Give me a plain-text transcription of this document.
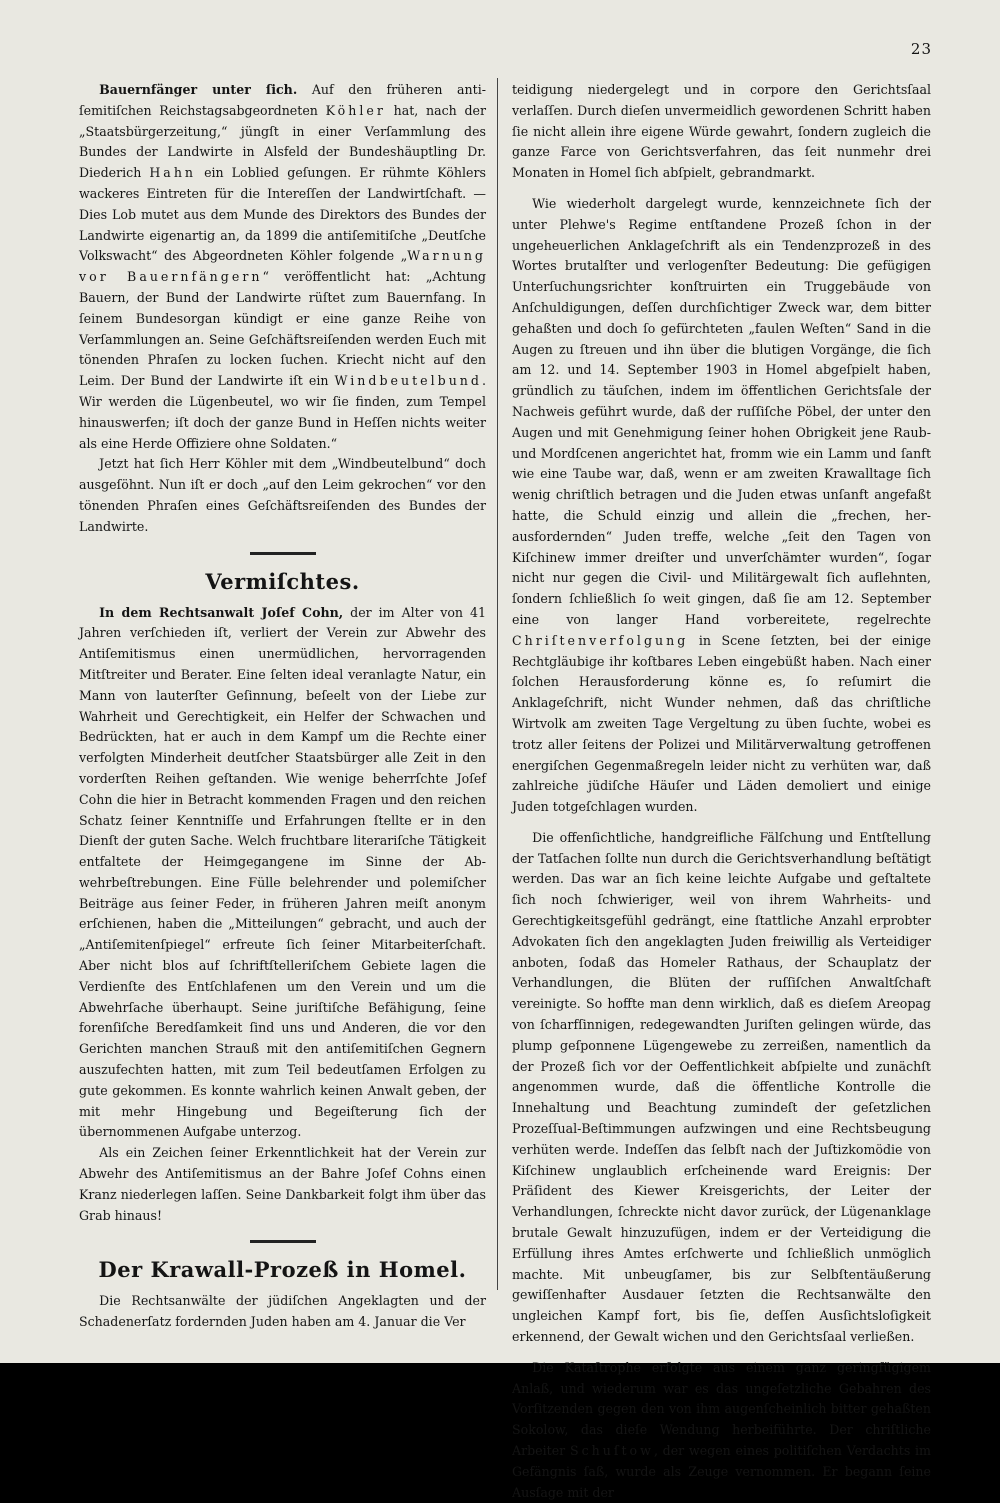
23

Bauernfänger unter ſich. Auf den früheren antiſemitiſchen Reichstagsabgeordneten Köhler hat, nach der „Staatsbürgerzeitung,“ jüngſt in einer Verſammlung des Bundes der Landwirte in Alsfeld der Bundeshäuptling Dr. Diederich Hahn ein Loblied geſungen. Er rühmte Köhlers wackeres Eintreten für die Intereſſen der Landwirtſchaft. — Dies Lob mutet aus dem Munde des Direktors des Bundes der Landwirte eigenartig an, da 1899 die antiſemitiſche „Deutſche Volkswacht“ des Abgeordneten Köhler folgende „Warnung vor Bauernfängern“ veröffentlicht hat: „Achtung Bauern, der Bund der Landwirte rüſtet zum Bauernfang. In ſeinem Bundesorgan kündigt er eine ganze Reihe von Verſammlungen an. Seine Geſchäftsreiſenden werden Euch mit tönenden Phraſen zu locken ſuchen. Kriecht nicht auf den Leim. Der Bund der Landwirte iſt ein Windbeutelbund. Wir werden die Lügenbeutel, wo wir ſie finden, zum Tempel hinauswerfen; iſt doch der ganze Bund in Heſſen nichts weiter als eine Herde Offiziere ohne Soldaten.“

Jetzt hat ſich Herr Köhler mit dem „Windbeutelbund“ doch ausgeſöhnt. Nun iſt er doch „auf den Leim gekrochen“ vor den tönenden Phraſen eines Geſchäftsreiſenden des Bundes der Landwirte.

Vermiſchtes.

In dem Rechtsanwalt Joſef Cohn, der im Alter von 41 Jahren verſchieden iſt, verliert der Verein zur Abwehr des Antiſemitismus einen unermüdlichen, hervorragenden Mitſtreiter und Berater. Eine ſelten ideal veranlagte Natur, ein Mann von lauterſter Geſinnung, beſeelt von der Liebe zur Wahrheit und Gerechtigkeit, ein Helfer der Schwachen und Bedrückten, hat er auch in dem Kampf um die Rechte einer verfolgten Minderheit deutſcher Staatsbürger alle Zeit in den vorderſten Reihen geſtanden. Wie wenige beherrſchte Joſef Cohn die hier in Betracht kommenden Fragen und den reichen Schatz ſeiner Kenntniſſe und Erfahrungen ſtellte er in den Dienſt der guten Sache. Welch fruchtbare literariſche Tätigkeit entfaltete der Heimgegangene im Sinne der Abwehrbeſtrebungen. Eine Fülle belehrender und polemiſcher Beiträge aus ſeiner Feder, in früheren Jahren meiſt anonym erſchienen, haben die „Mitteilungen“ gebracht, und auch der „Antiſemitenſpiegel“ erfreute ſich ſeiner Mitarbeiterſchaft. Aber nicht blos auf ſchriftſtelleriſchem Gebiete lagen die Verdienſte des Entſchlafenen um den Verein und um die Abwehrſache überhaupt. Seine juriſtiſche Befähigung, ſeine forenſiſche Beredſamkeit ſind uns und Anderen, die vor den Gerichten manchen Strauß mit den antiſemitiſchen Gegnern auszufechten hatten, mit zum Teil bedeutſamen Erfolgen zu gute gekommen. Es konnte wahrlich keinen Anwalt geben, der mit mehr Hingebung und Begeiſterung ſich der übernommenen Aufgabe unterzog.

Als ein Zeichen ſeiner Erkenntlichkeit hat der Verein zur Abwehr des Antiſemitismus an der Bahre Joſef Cohns einen Kranz niederlegen laſſen. Seine Dankbarkeit folgt ihm über das Grab hinaus!

Der Krawall-Prozeß in Homel.

Die Rechtsanwälte der jüdiſchen Angeklagten und der Schadenerſatz fordernden Juden haben am 4. Januar die Ver

teidigung niedergelegt und in corpore den Gerichtsſaal verlaſſen. Durch dieſen unvermeidlich gewordenen Schritt haben ſie nicht allein ihre eigene Würde gewahrt, ſondern zugleich die ganze Farce von Gerichtsverfahren, das ſeit nunmehr drei Monaten in Homel ſich abſpielt, gebrandmarkt.

Wie wiederholt dargelegt wurde, kennzeichnete ſich der unter Plehwe's Regime entſtandene Prozeß ſchon in der ungeheuerlichen Anklageſchrift als ein Tendenzprozeß in des Wortes brutalſter und verlogenſter Bedeutung: Die gefügigen Unterſuchungsrichter konſtruirten ein Truggebäude von Anſchuldigungen, deſſen durchſichtiger Zweck war, dem bitter gehaßten und doch ſo gefürchteten „faulen Weſten“ Sand in die Augen zu ſtreuen und ihn über die blutigen Vorgänge, die ſich am 12. und 14. September 1903 in Homel abgeſpielt haben, gründlich zu täuſchen, indem im öffentlichen Gerichtsſale der Nachweis geführt wurde, daß der ruſſiſche Pöbel, der unter den Augen und mit Genehmigung ſeiner hohen Obrigkeit jene Raub- und Mordſcenen angerichtet hat, fromm wie ein Lamm und ſanft wie eine Taube war, daß, wenn er am zweiten Krawalltage ſich wenig chriſtlich betragen und die Juden etwas unſanft angefaßt hatte, die Schuld einzig und allein die „frechen, herausfordernden“ Juden treffe, welche „ſeit den Tagen von Kiſchinew immer dreiſter und unverſchämter wurden“, ſogar nicht nur gegen die Civil- und Militärgewalt ſich auflehnten, ſondern ſchließlich ſo weit gingen, daß ſie am 12. September eine von langer Hand vorbereitete, regelrechte Chriſtenverfolgung in Scene ſetzten, bei der einige Rechtgläubige ihr koſtbares Leben eingebüßt haben. Nach einer ſolchen Herausforderung könne es, ſo reſumirt die Anklageſchrift, nicht Wunder nehmen, daß das chriſtliche Wirtvolk am zweiten Tage Vergeltung zu üben ſuchte, wobei es trotz aller ſeitens der Polizei und Militärverwaltung getroffenen energiſchen Gegenmaßregeln leider nicht zu verhüten war, daß zahlreiche jüdiſche Häuſer und Läden demoliert und einige Juden totgeſchlagen wurden.

Die offenſichtliche, handgreifliche Fälſchung und Entſtellung der Tatſachen ſollte nun durch die Gerichtsverhandlung beſtätigt werden. Das war an ſich keine leichte Aufgabe und geſtaltete ſich noch ſchwieriger, weil von ihrem Wahrheits- und Gerechtigkeitsgefühl gedrängt, eine ſtattliche Anzahl erprobter Advokaten ſich den angeklagten Juden freiwillig als Verteidiger anboten, ſodaß das Homeler Rathaus, der Schauplatz der Verhandlungen, die Blüten der ruſſiſchen Anwaltſchaft vereinigte. So hoffte man denn wirklich, daß es dieſem Areopag von ſcharfſinnigen, redegewandten Juriſten gelingen würde, das plump geſponnene Lügengewebe zu zerreißen, namentlich da der Prozeß ſich vor der Oeffentlichkeit abſpielte und zunächſt angenommen wurde, daß die öffentliche Kontrolle die Innehaltung und Beachtung zumindeſt der geſetzlichen Prozeſſual-Beſtimmungen aufzwingen und eine Rechtsbeugung verhüten werde. Indeſſen das ſelbſt nach der Juſtizkomödie von Kiſchinew unglaublich erſcheinende ward Ereignis: Der Präſident des Kiewer Kreisgerichts, der Leiter der Verhandlungen, ſchreckte nicht davor zurück, der Lügenanklage brutale Gewalt hinzuzufügen, indem er der Verteidigung die Erfüllung ihres Amtes erſchwerte und ſchließlich unmöglich machte. Mit unbeugſamer, bis zur Selbſtentäußerung gewiſſenhafter Ausdauer ſetzten die Rechtsanwälte den ungleichen Kampf fort, bis ſie, deſſen Ausſichtsloſigkeit erkennend, der Gewalt wichen und den Gerichtsſaal verließen.

Die Kataſtrophe erfolgte aus einem ganz geringfügigem Anlaß, und wiederum war es das ungeſetzliche Gebahren des Vorſitzenden gegen den von ihm augenſcheinlich bitter gehaßten Sokolow, das dieſe Wendung herbeiführte. Der chriſtliche Arbeiter Schuſtow, der wegen eines politiſchen Verdachts im Gefängnis ſaß, wurde als Zeuge vernommen. Er begann ſeine Ausſage mit der
